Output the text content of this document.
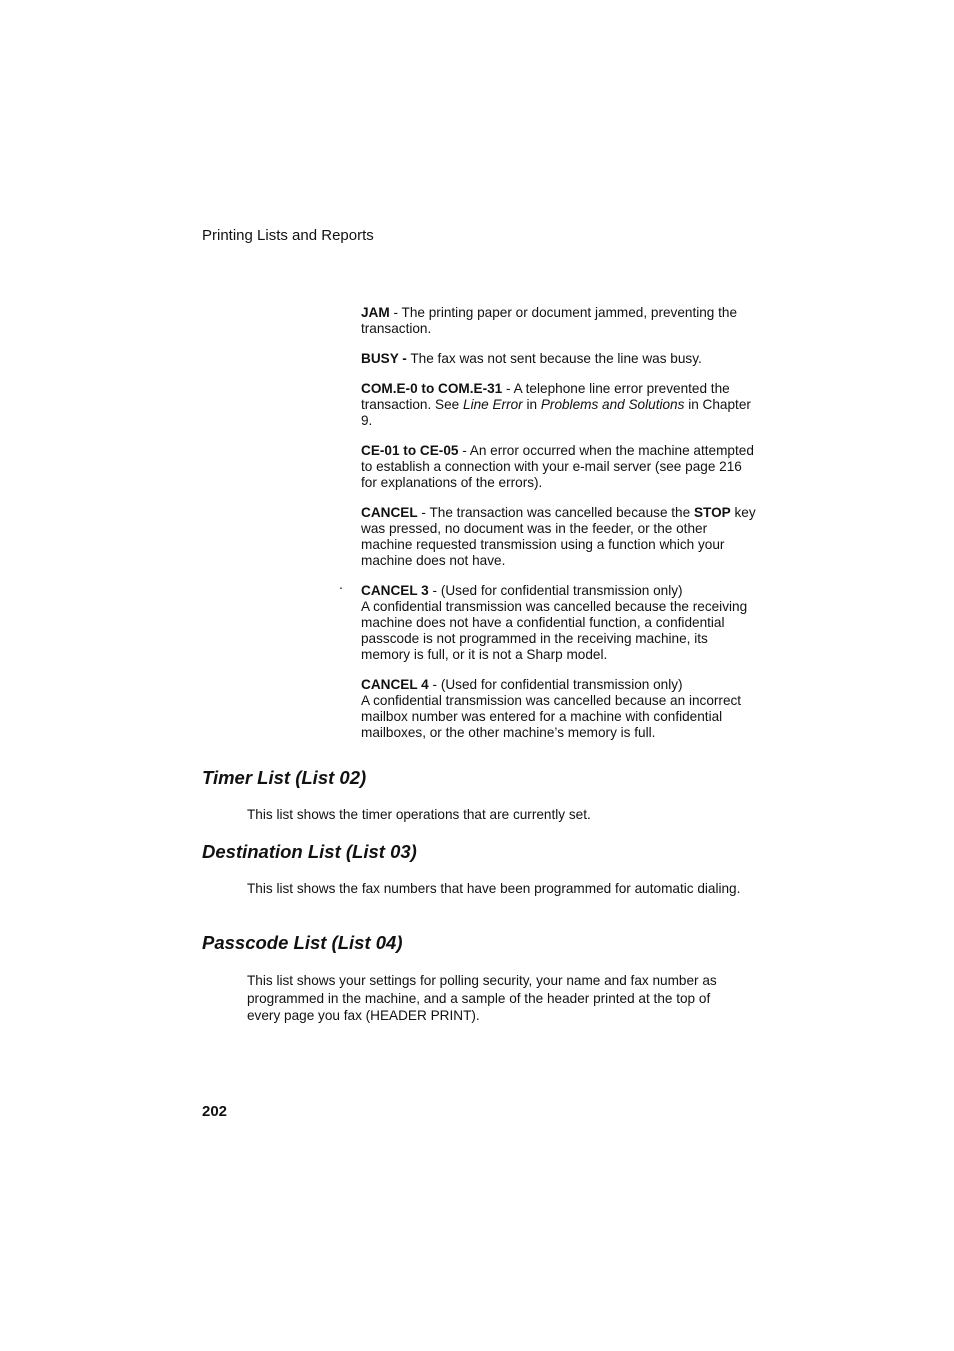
Printing Lists and Reports

JAM - The printing paper or document jammed, preventing the transaction.

BUSY - The fax was not sent because the line was busy.

COM.E-0 to COM.E-31 - A telephone line error prevented the transaction. See Line Error in Problems and Solutions in Chapter 9.

CE-01 to CE-05 - An error occurred when the machine attempted to establish a connection with your e-mail server (see page 216 for explanations of the errors).

CANCEL - The transaction was cancelled because the STOP key was pressed, no document was in the feeder, or the other machine requested transmission using a function which your machine does not have.

CANCEL 3 - (Used for confidential transmission only)
A confidential transmission was cancelled because the receiving machine does not have a confidential function, a confidential passcode is not programmed in the receiving machine, its memory is full, or it is not a Sharp model.

CANCEL 4 - (Used for confidential transmission only)
A confidential transmission was cancelled because an incorrect mailbox number was entered for a machine with confidential mailboxes, or the other machine’s memory is full.

.
Timer List (List 02)

This list shows the timer operations that are currently set.

Destination List (List 03)

This list shows the fax numbers that have been programmed for automatic dialing.

Passcode List (List 04)

This list shows your settings for polling security, your name and fax number as programmed in the machine, and a sample of the header printed at the top of every page you fax (HEADER PRINT).

202
